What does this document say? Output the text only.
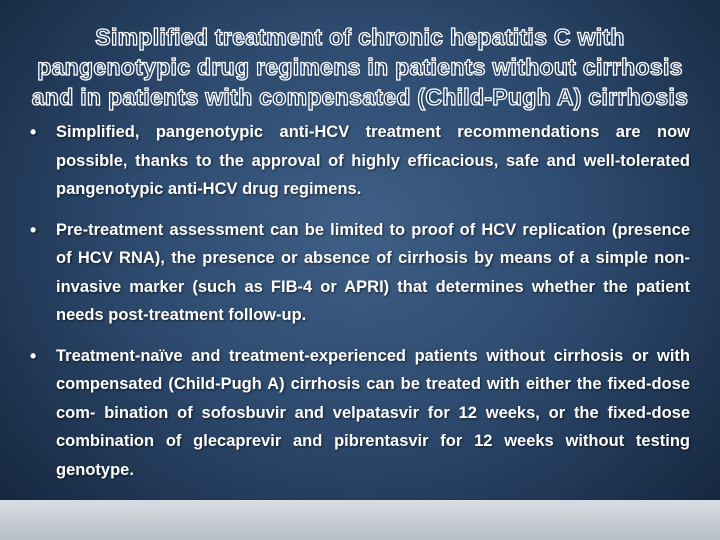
Simplified treatment of chronic hepatitis C with pangenotypic drug regimens in patients without cirrhosis and in patients with compensated (Child-Pugh A) cirrhosis
•	Simplified, pangenotypic anti-HCV treatment recommendations are now possible, thanks to the approval of highly efficacious, safe and well-tolerated pangenotypic anti-HCV drug regimens.
•	Pre-treatment assessment can be limited to proof of HCV replication (presence of HCV RNA), the presence or absence of cirrhosis by means of a simple non-invasive marker (such as FIB-4 or APRI) that determines whether the patient needs post-treatment follow-up.
•	Treatment-naïve and treatment-experienced patients without cirrhosis or with compensated (Child-Pugh A) cirrhosis can be treated with either the fixed-dose com- bination of sofosbuvir and velpatasvir for 12 weeks, or the fixed-dose combination of glecaprevir and pibrentasvir for 12 weeks without testing genotype.
